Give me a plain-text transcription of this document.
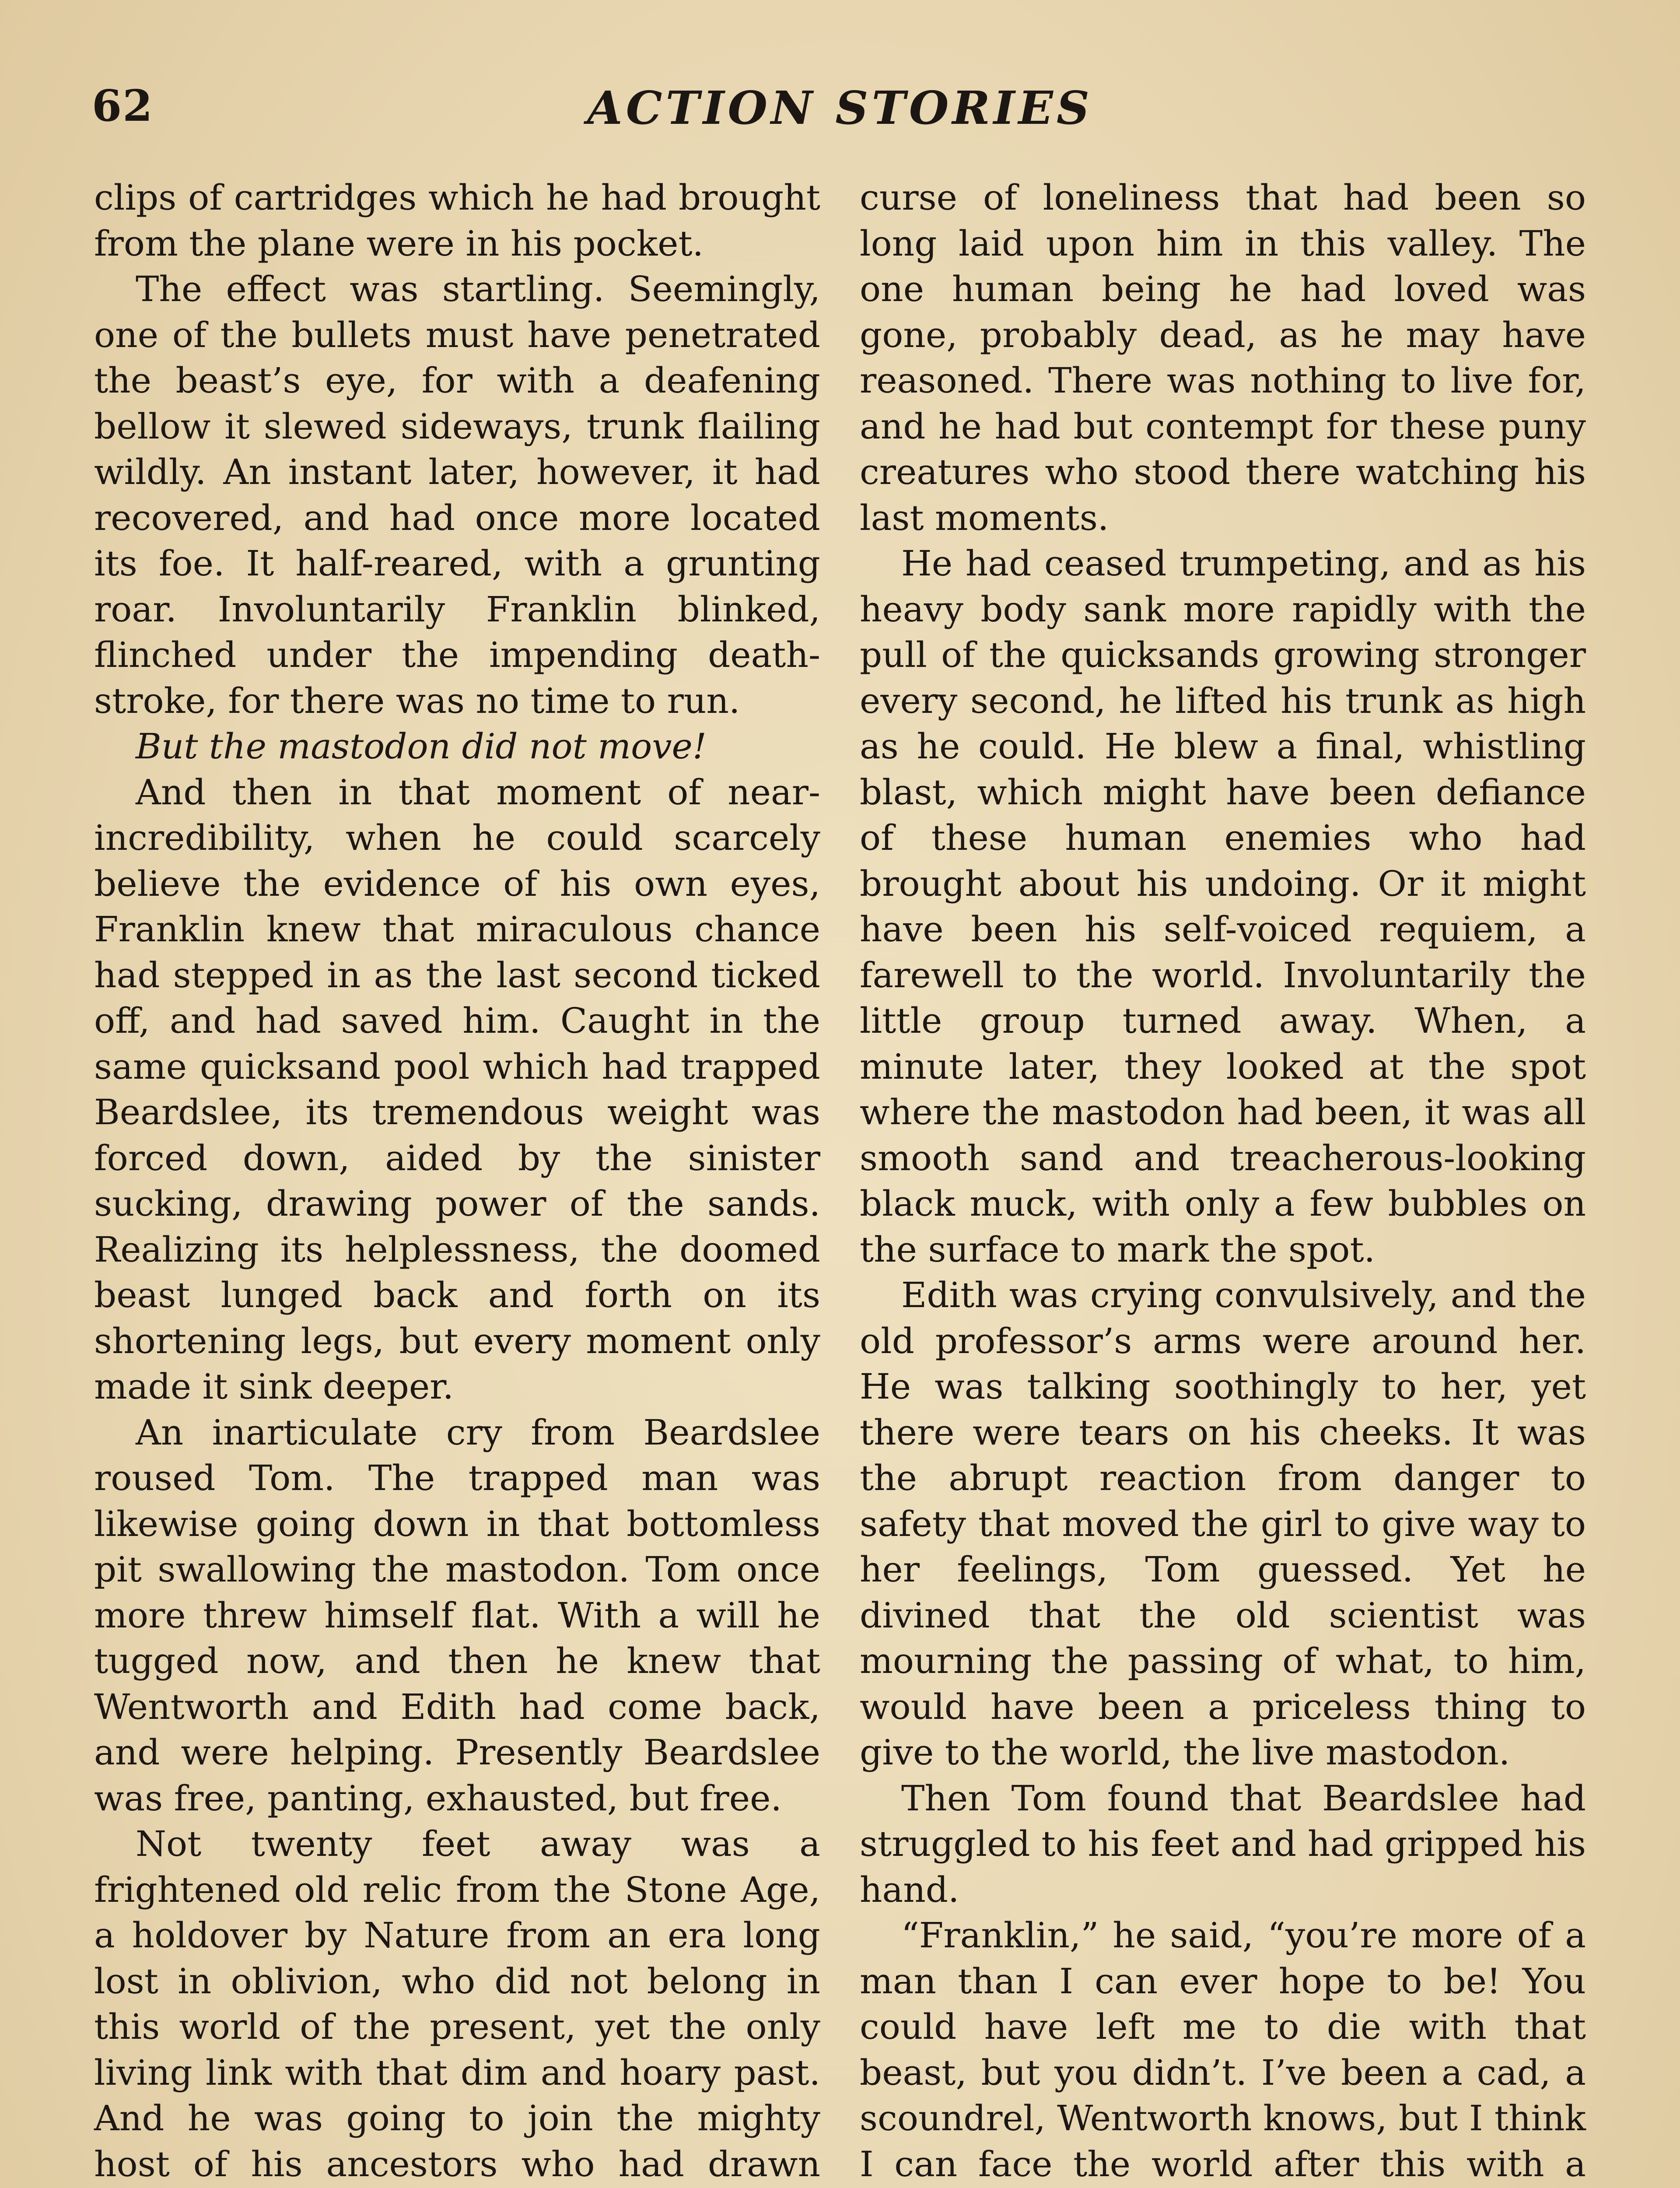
62	ACTION STORIES

clips of cartridges which he had brought from the plane were in his pocket.

The effect was startling. Seemingly, one of the bullets must have penetrated the beast’s eye, for with a deafening bellow it slewed sideways, trunk flailing wildly. An instant later, however, it had recovered, and had once more located its foe. It half-reared, with a grunting roar. Involuntarily Franklin blinked, flinched under the impending death-stroke, for there was no time to run.

But the mastodon did not move!

And then in that moment of near-incredibility, when he could scarcely believe the evidence of his own eyes, Franklin knew that miraculous chance had stepped in as the last second ticked off, and had saved him. Caught in the same quicksand pool which had trapped Beardslee, its tremendous weight was forced down, aided by the sinister sucking, drawing power of the sands. Realizing its helplessness, the doomed beast lunged back and forth on its shortening legs, but every moment only made it sink deeper.

An inarticulate cry from Beardslee roused Tom. The trapped man was likewise going down in that bottomless pit swallowing the mastodon. Tom once more threw himself flat. With a will he tugged now, and then he knew that Wentworth and Edith had come back, and were helping. Presently Beardslee was free, panting, exhausted, but free.

Not twenty feet away was a frightened old relic from the Stone Age, a holdover by Nature from an era long lost in oblivion, who did not belong in this world of the present, yet the only living link with that dim and hoary past. And he was going to join the mighty host of his ancestors who had drawn

curse of loneliness that had been so long laid upon him in this valley. The one human being he had loved was gone, probably dead, as he may have reasoned. There was nothing to live for, and he had but contempt for these puny creatures who stood there watching his last moments.

He had ceased trumpeting, and as his heavy body sank more rapidly with the pull of the quicksands growing stronger every second, he lifted his trunk as high as he could. He blew a final, whistling blast, which might have been defiance of these human enemies who had brought about his undoing. Or it might have been his self-voiced requiem, a farewell to the world. Involuntarily the little group turned away. When, a minute later, they looked at the spot where the mastodon had been, it was all smooth sand and treacherous-looking black muck, with only a few bubbles on the surface to mark the spot.

Edith was crying convulsively, and the old professor’s arms were around her. He was talking soothingly to her, yet there were tears on his cheeks. It was the abrupt reaction from danger to safety that moved the girl to give way to her feelings, Tom guessed. Yet he divined that the old scientist was mourning the passing of what, to him, would have been a priceless thing to give to the world, the live mastodon.

Then Tom found that Beardslee had struggled to his feet and had gripped his hand.

“Franklin,” he said, “you’re more of a man than I can ever hope to be! You could have left me to die with that beast, but you didn’t. I’ve been a cad, a scoundrel, Wentworth knows, but I think I can face the world after this with a
